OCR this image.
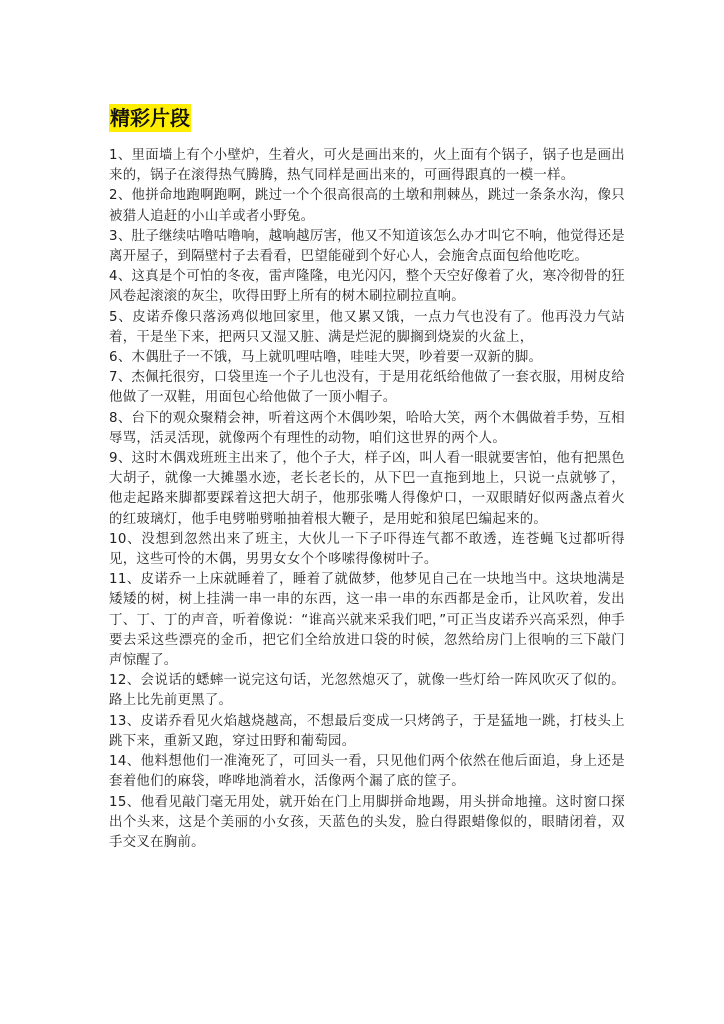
精彩片段

1、里面墙上有个小壁炉，生着火，可火是画出来的，火上面有个锅子，锅子也是画出来的，锅子在滚得热气腾腾，热气同样是画出来的，可画得跟真的一模一样。

2、他拼命地跑啊跑啊，跳过一个个很高很高的土墩和荆棘丛，跳过一条条水沟，像只被猎人追赶的小山羊或者小野兔。

3、肚子继续咕噜咕噜响，越响越厉害，他又不知道该怎么办才叫它不响，他觉得还是离开屋子，到隔壁村子去看看，巴望能碰到个好心人，会施舍点面包给他吃吃。

4、这真是个可怕的冬夜，雷声隆隆，电光闪闪，整个天空好像着了火，寒冷彻骨的狂风卷起滚滚的灰尘，吹得田野上所有的树木刷拉刷拉直响。

5、皮诺乔像只落汤鸡似地回家里，他又累又饿，一点力气也没有了。他再没力气站着，干是坐下来，把两只又湿又脏、满是烂泥的脚搁到烧炭的火盆上，

6、木偶肚子一不饿，马上就叽哩咕噜，哇哇大哭，吵着要一双新的脚。

7、杰佩托很穷，口袋里连一个子儿也没有，于是用花纸给他做了一套衣服，用树皮给他做了一双鞋，用面包心给他做了一顶小帽子。

8、台下的观众聚精会神，听着这两个木偶吵架，哈哈大笑，两个木偶做着手势，互相辱骂，活灵活现，就像两个有理性的动物，咱们这世界的两个人。

9、这时木偶戏班班主出来了，他个子大，样子凶，叫人看一眼就要害怕，他有把黑色大胡子，就像一大摊墨水迹，老长老长的，从下巴一直拖到地上，只说一点就够了，他走起路来脚都要踩着这把大胡子，他那张嘴人得像炉口，一双眼睛好似两盏点着火的红玻璃灯，他手电劈啪劈啪抽着根大鞭子，是用蛇和狼尾巴编起来的。

10、没想到忽然出来了班主，大伙儿一下子吓得连气都不敢透，连苍蝇飞过都听得见，这些可怜的木偶，男男女女个个哆嗦得像树叶子。

11、皮诺乔一上床就睡着了，睡着了就做梦，他梦见自己在一块地当中。这块地满是矮矮的树，树上挂满一串一串的东西，这一串一串的东西都是金币，让风吹着，发出丁、丁、丁的声音，听着像说：“谁高兴就来采我们吧，”可正当皮诺乔兴高采烈，伸手要去采这些漂亮的金币，把它们全给放进口袋的时候，忽然给房门上很响的三下敲门声惊醒了。

12、会说话的蟋蟀一说完这句话，光忽然熄灭了，就像一些灯给一阵风吹灭了似的。路上比先前更黑了。

13、皮诺乔看见火焰越烧越高，不想最后变成一只烤鸽子，于是猛地一跳，打枝头上跳下来，重新又跑，穿过田野和葡萄园。

14、他料想他们一准淹死了，可回头一看，只见他们两个依然在他后面追，身上还是套着他们的麻袋，哗哗地淌着水，活像两个漏了底的筐子。

15、他看见敲门毫无用处，就开始在门上用脚拼命地踢，用头拼命地撞。这时窗口探出个头来，这是个美丽的小女孩，天蓝色的头发，脸白得跟蜡像似的，眼睛闭着，双手交叉在胸前。
